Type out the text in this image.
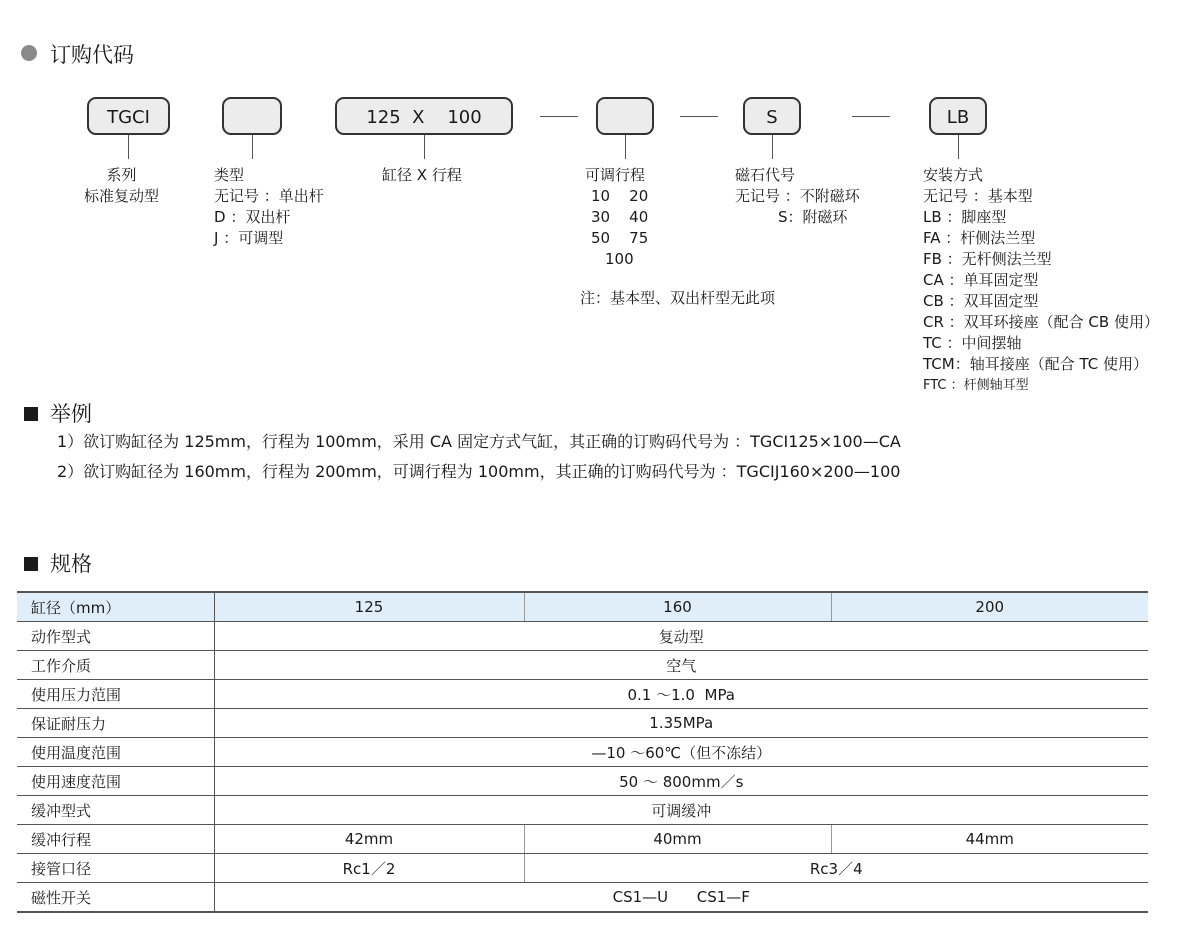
订购代码
TGCI	125  X    100	S	LB
系列
标准复动型
类型
无记号 ：单出杆
D ：双出杆
J ：可调型
缸径 X 行程	可调行程
10    20
30    40
50    75
100
注：基本型、双出杆型无此项
磁石代号
无记号 ：不附磁环
S：附磁环
安装方式
无记号 ：基本型
LB ：脚座型
FA ：杆侧法兰型
FB ：无杆侧法兰型
CA ：单耳固定型
CB ：双耳固定型
CR ：双耳环接座（配合 CB 使用）
TC ：中间摆轴
TCM：轴耳接座（配合 TC 使用）
FTC ：杆侧轴耳型
举例
1）欲订购缸径为 125mm，行程为 100mm，采用 CA 固定方式气缸，其正确的订购码代号为 ：TGCI125×100—CA
2）欲订购缸径为 160mm，行程为 200mm，可调行程为 100mm，其正确的订购码代号为 ：TGCIJ160×200—100
规格
缸径（mm）	125	160	200
动作型式	复动型		
工作介质	空气		
使用压力范围	0.1 ～1.0  MPa		
保证耐压力	1.35MPa		
使用温度范围	—10 ～60℃（但不冻结）		
使用速度范围	50 ～ 800mm／s		
缓冲型式	可调缓冲		
缓冲行程	42mm	40mm	44mm
接管口径	Rc1／2	Rc3／4	
磁性开关	CS1—U      CS1—F		
